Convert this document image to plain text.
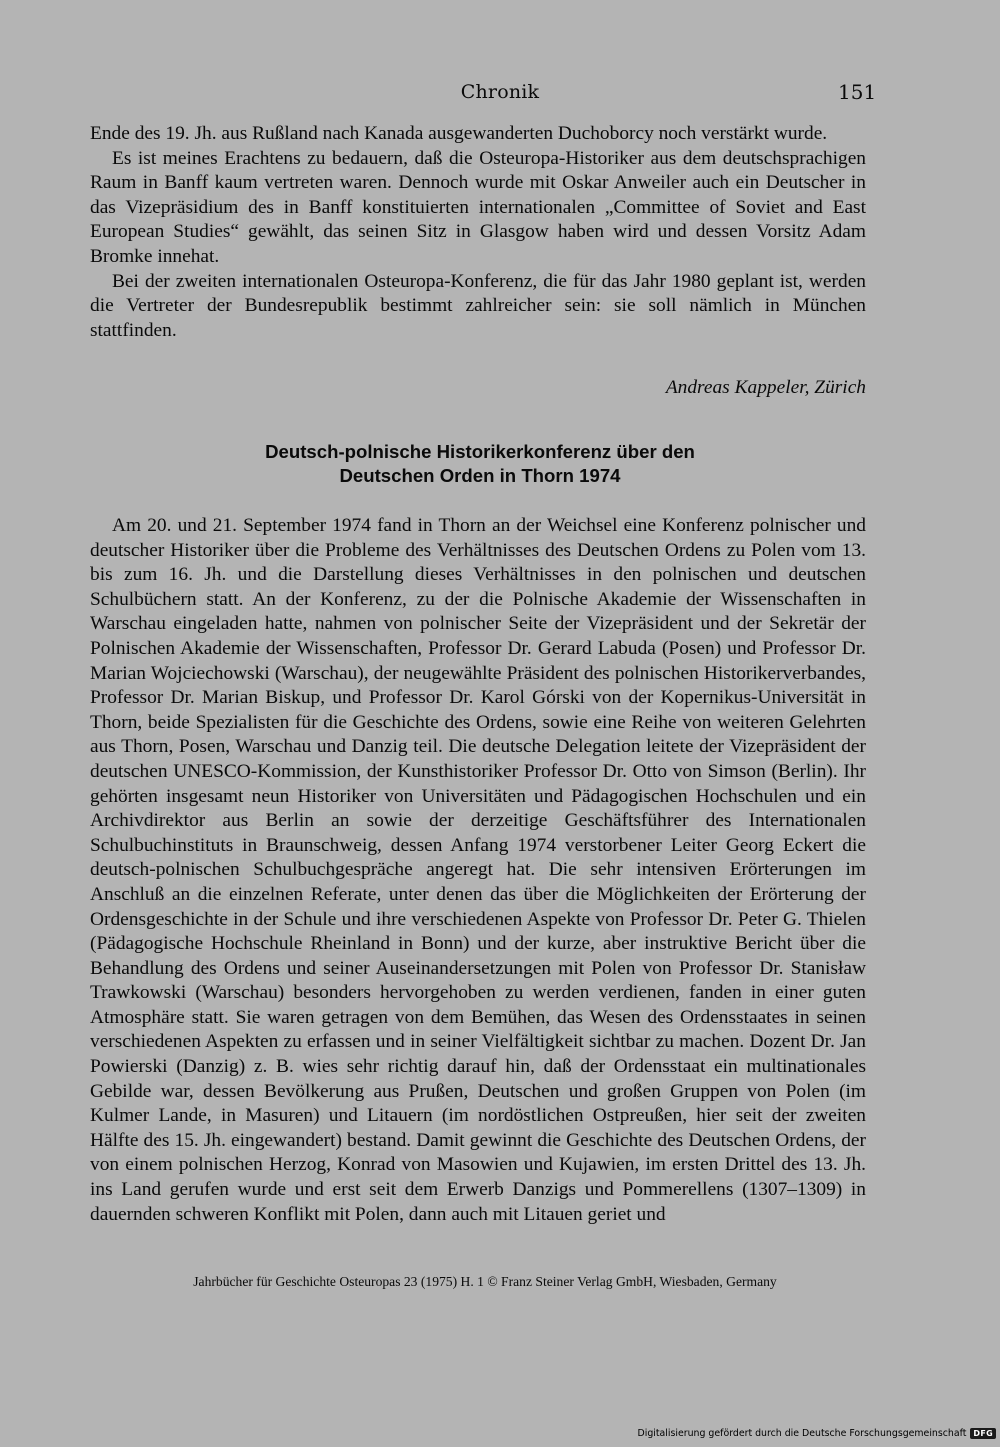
Chronik	151

Ende des 19. Jh. aus Rußland nach Kanada ausgewanderten Duchoborcy noch verstärkt wurde.

Es ist meines Erachtens zu bedauern, daß die Osteuropa-Historiker aus dem deutschsprachigen Raum in Banff kaum vertreten waren. Dennoch wurde mit Oskar Anweiler auch ein Deutscher in das Vizepräsidium des in Banff konstituierten internationalen „Committee of Soviet and East European Studies“ gewählt, das seinen Sitz in Glasgow haben wird und dessen Vorsitz Adam Bromke innehat.

Bei der zweiten internationalen Osteuropa-Konferenz, die für das Jahr 1980 geplant ist, werden die Vertreter der Bundesrepublik bestimmt zahlreicher sein: sie soll nämlich in München stattfinden.

Andreas Kappeler, Zürich
Deutsch-polnische Historikerkonferenz über den
Deutschen Orden in Thorn 1974

Am 20. und 21. September 1974 fand in Thorn an der Weichsel eine Konferenz polnischer und deutscher Historiker über die Probleme des Verhältnisses des Deutschen Ordens zu Polen vom 13. bis zum 16. Jh. und die Darstellung dieses Verhältnisses in den polnischen und deutschen Schulbüchern statt. An der Konferenz, zu der die Polnische Akademie der Wissenschaften in Warschau eingeladen hatte, nahmen von polnischer Seite der Vizepräsident und der Sekretär der Polnischen Akademie der Wissenschaften, Professor Dr. Gerard Labuda (Posen) und Professor Dr. Marian Wojciechowski (Warschau), der neugewählte Präsident des polnischen Historikerverbandes, Professor Dr. Marian Biskup, und Professor Dr. Karol Górski von der Kopernikus-Universität in Thorn, beide Spezialisten für die Geschichte des Ordens, sowie eine Reihe von weiteren Gelehrten aus Thorn, Posen, Warschau und Danzig teil. Die deutsche Delegation leitete der Vizepräsident der deutschen UNESCO-Kommission, der Kunsthistoriker Professor Dr. Otto von Simson (Berlin). Ihr gehörten insgesamt neun Historiker von Universitäten und Pädagogischen Hochschulen und ein Archivdirektor aus Berlin an sowie der derzeitige Geschäftsführer des Internationalen Schulbuchinstituts in Braunschweig, dessen Anfang 1974 verstorbener Leiter Georg Eckert die deutsch-polnischen Schulbuchgespräche angeregt hat. Die sehr intensiven Erörterungen im Anschluß an die einzelnen Referate, unter denen das über die Möglichkeiten der Erörterung der Ordensgeschichte in der Schule und ihre verschiedenen Aspekte von Professor Dr. Peter G. Thielen (Pädagogische Hochschule Rheinland in Bonn) und der kurze, aber instruktive Bericht über die Behandlung des Ordens und seiner Auseinandersetzungen mit Polen von Professor Dr. Stanisław Trawkowski (Warschau) besonders hervorgehoben zu werden verdienen, fanden in einer guten Atmosphäre statt. Sie waren getragen von dem Bemühen, das Wesen des Ordensstaates in seinen verschiedenen Aspekten zu erfassen und in seiner Vielfältigkeit sichtbar zu machen. Dozent Dr. Jan Powierski (Danzig) z. B. wies sehr richtig darauf hin, daß der Ordensstaat ein multinationales Gebilde war, dessen Bevölkerung aus Prußen, Deutschen und großen Gruppen von Polen (im Kulmer Lande, in Masuren) und Litauern (im nordöstlichen Ostpreußen, hier seit der zweiten Hälfte des 15. Jh. eingewandert) bestand. Damit gewinnt die Geschichte des Deutschen Ordens, der von einem polnischen Herzog, Konrad von Masowien und Kujawien, im ersten Drittel des 13. Jh. ins Land gerufen wurde und erst seit dem Erwerb Danzigs und Pommerellens (1307–1309) in dauernden schweren Konflikt mit Polen, dann auch mit Litauen geriet und

Jahrbücher für Geschichte Osteuropas 23 (1975) H. 1 © Franz Steiner Verlag GmbH, Wiesbaden, Germany
Digitalisierung gefördert durch die Deutsche Forschungsgemeinschaft DFG
